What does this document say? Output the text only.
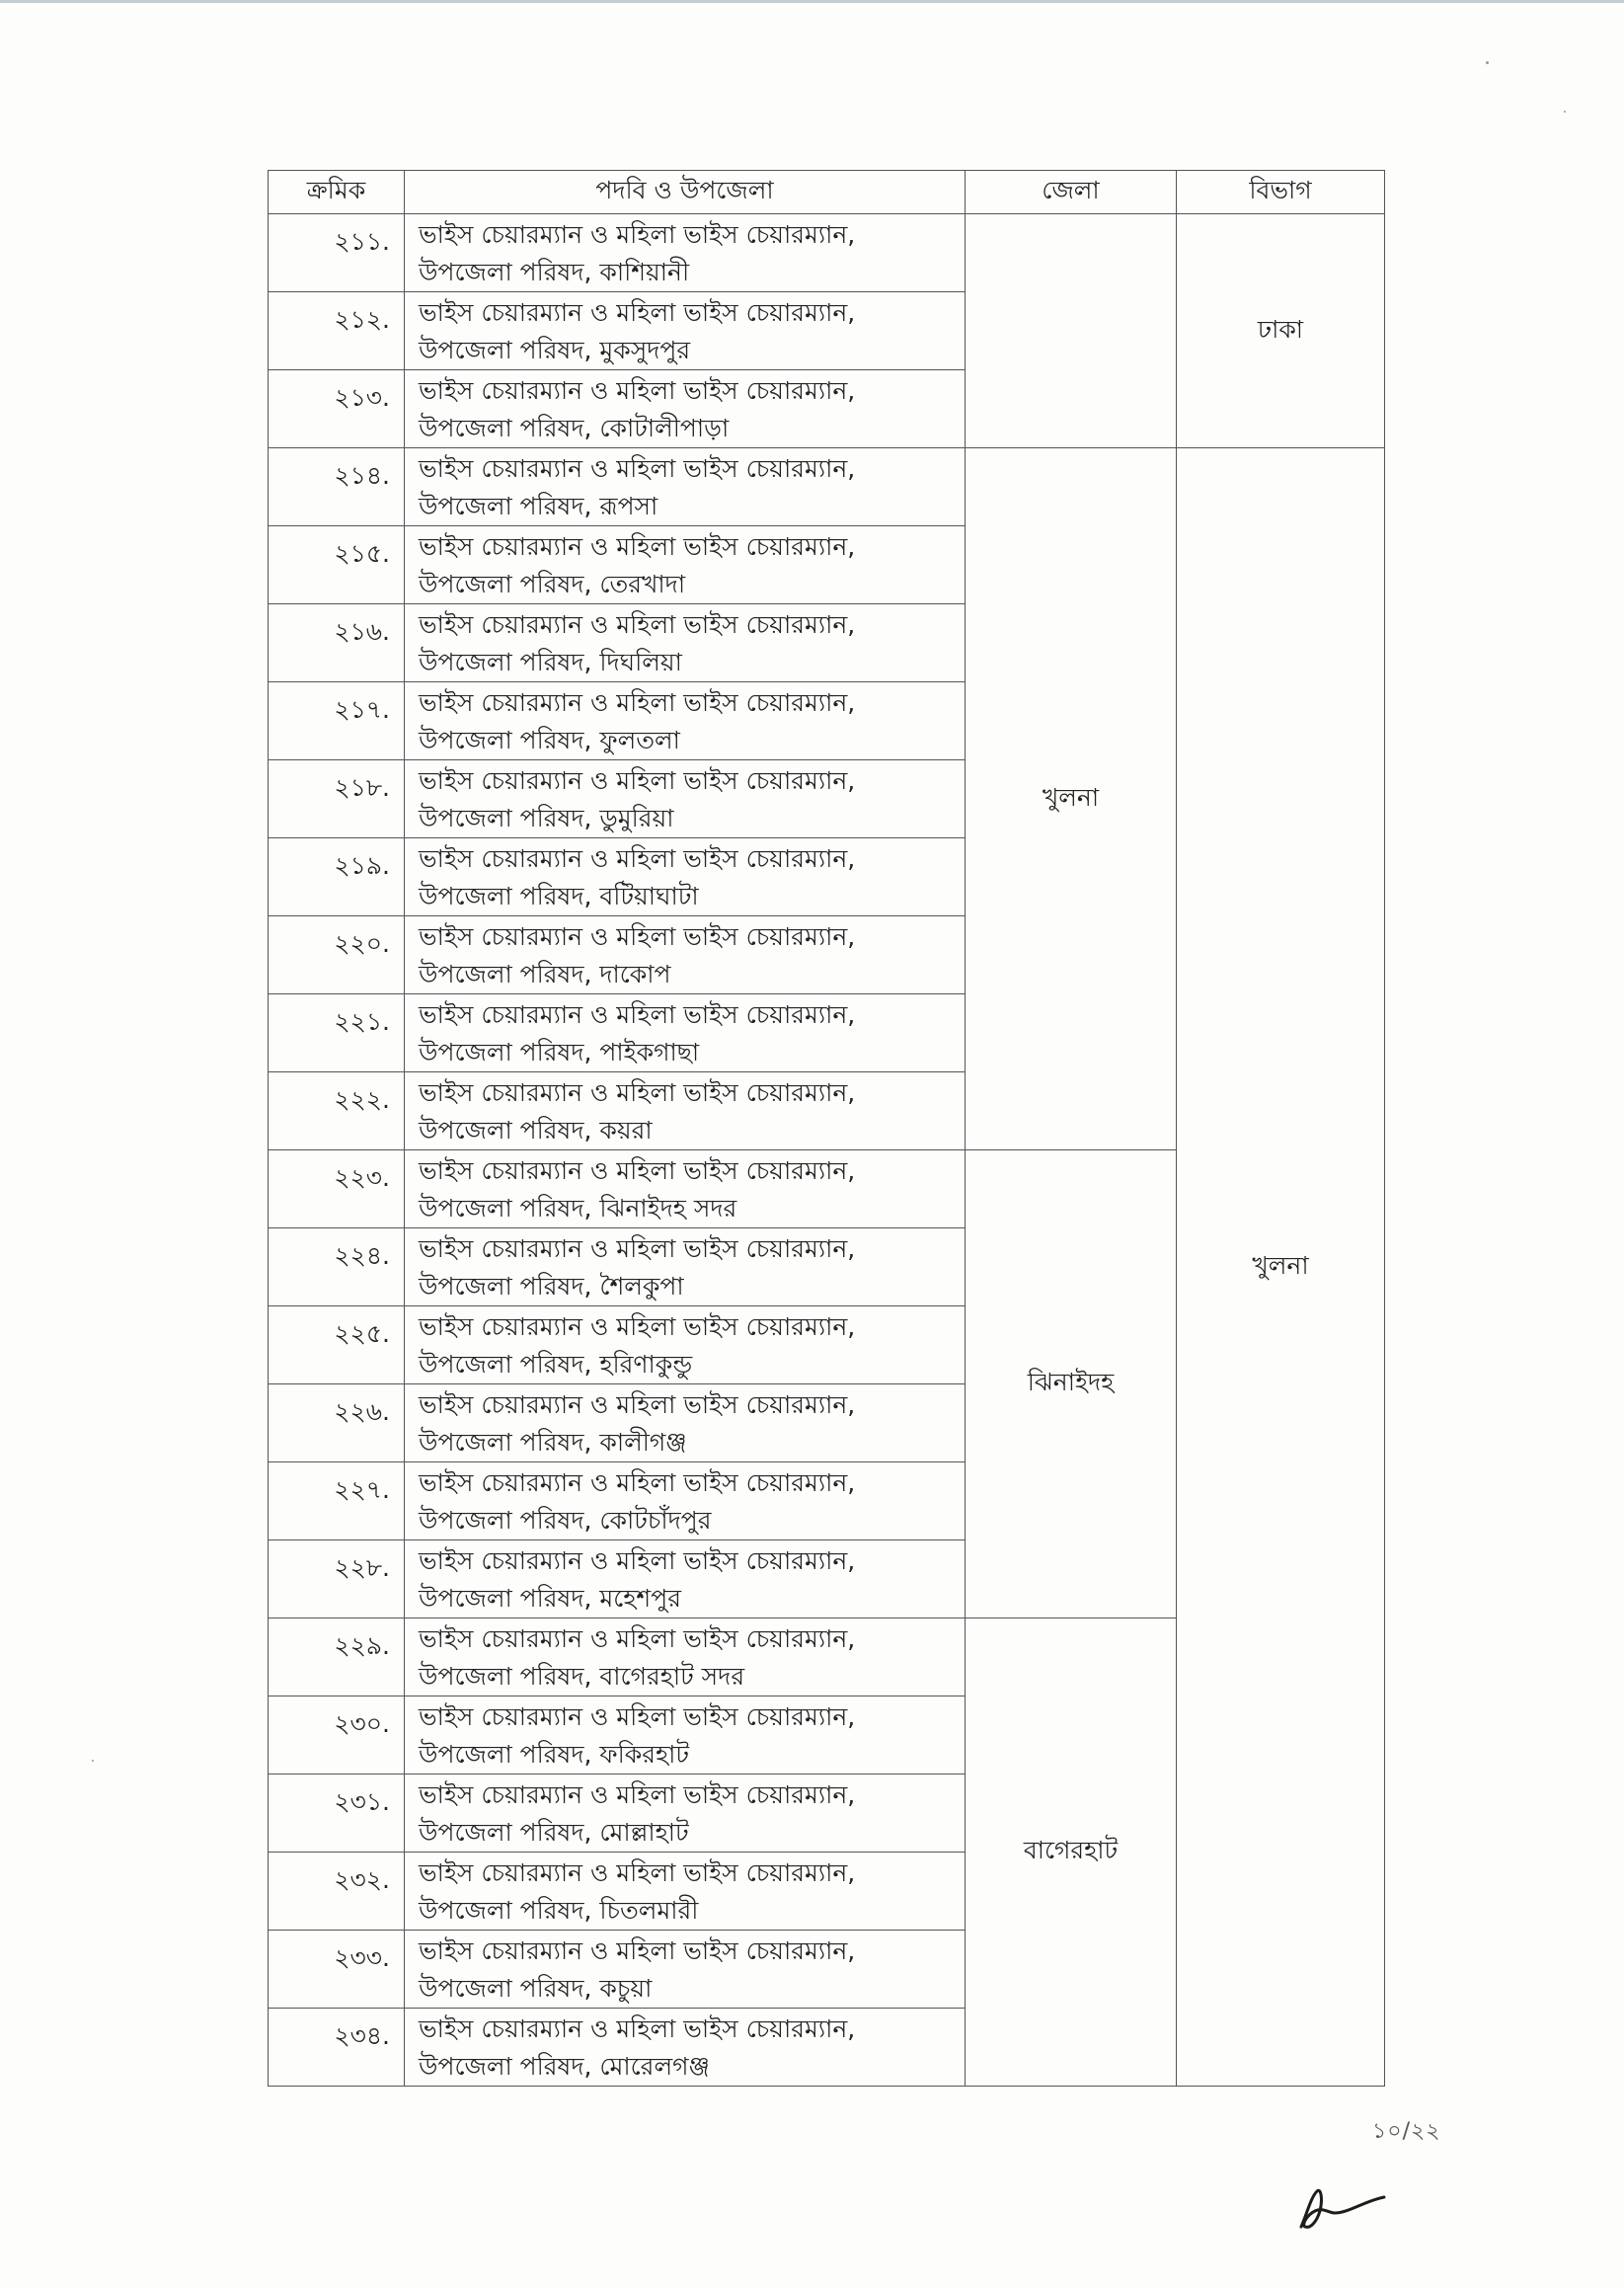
ক্রমিক	পদবি ও উপজেলা	জেলা	বিভাগ
২১১.	ভাইস চেয়ারম্যান ও মহিলা ভাইস চেয়ারম্যান,
উপজেলা পরিষদ, কাশিয়ানী		ঢাকা
২১২.	ভাইস চেয়ারম্যান ও মহিলা ভাইস চেয়ারম্যান,
উপজেলা পরিষদ, মুকসুদপুর		

২১৩.	ভাইস চেয়ারম্যান ও মহিলা ভাইস চেয়ারম্যান,
উপজেলা পরিষদ, কোটালীপাড়া		

২১৪.	ভাইস চেয়ারম্যান ও মহিলা ভাইস চেয়ারম্যান,
উপজেলা পরিষদ, রূপসা	খুলনা	খুলনা
২১৫.	ভাইস চেয়ারম্যান ও মহিলা ভাইস চেয়ারম্যান,
উপজেলা পরিষদ, তেরখাদা		

২১৬.	ভাইস চেয়ারম্যান ও মহিলা ভাইস চেয়ারম্যান,
উপজেলা পরিষদ, দিঘলিয়া		

২১৭.	ভাইস চেয়ারম্যান ও মহিলা ভাইস চেয়ারম্যান,
উপজেলা পরিষদ, ফুলতলা		

২১৮.	ভাইস চেয়ারম্যান ও মহিলা ভাইস চেয়ারম্যান,
উপজেলা পরিষদ, ডুমুরিয়া		

২১৯.	ভাইস চেয়ারম্যান ও মহিলা ভাইস চেয়ারম্যান,
উপজেলা পরিষদ, বটিয়াঘাটা		

২২০.	ভাইস চেয়ারম্যান ও মহিলা ভাইস চেয়ারম্যান,
উপজেলা পরিষদ, দাকোপ		

২২১.	ভাইস চেয়ারম্যান ও মহিলা ভাইস চেয়ারম্যান,
উপজেলা পরিষদ, পাইকগাছা		

২২২.	ভাইস চেয়ারম্যান ও মহিলা ভাইস চেয়ারম্যান,
উপজেলা পরিষদ, কয়রা		

২২৩.	ভাইস চেয়ারম্যান ও মহিলা ভাইস চেয়ারম্যান,
উপজেলা পরিষদ, ঝিনাইদহ সদর	ঝিনাইদহ	
২২৪.	ভাইস চেয়ারম্যান ও মহিলা ভাইস চেয়ারম্যান,
উপজেলা পরিষদ, শৈলকুপা		

২২৫.	ভাইস চেয়ারম্যান ও মহিলা ভাইস চেয়ারম্যান,
উপজেলা পরিষদ, হরিণাকুন্ডু		

২২৬.	ভাইস চেয়ারম্যান ও মহিলা ভাইস চেয়ারম্যান,
উপজেলা পরিষদ, কালীগঞ্জ		

২২৭.	ভাইস চেয়ারম্যান ও মহিলা ভাইস চেয়ারম্যান,
উপজেলা পরিষদ, কোটচাঁদপুর		

২২৮.	ভাইস চেয়ারম্যান ও মহিলা ভাইস চেয়ারম্যান,
উপজেলা পরিষদ, মহেশপুর		

২২৯.	ভাইস চেয়ারম্যান ও মহিলা ভাইস চেয়ারম্যান,
উপজেলা পরিষদ, বাগেরহাট সদর	বাগেরহাট	
২৩০.	ভাইস চেয়ারম্যান ও মহিলা ভাইস চেয়ারম্যান,
উপজেলা পরিষদ, ফকিরহাট		

২৩১.	ভাইস চেয়ারম্যান ও মহিলা ভাইস চেয়ারম্যান,
উপজেলা পরিষদ, মোল্লাহাট		

২৩২.	ভাইস চেয়ারম্যান ও মহিলা ভাইস চেয়ারম্যান,
উপজেলা পরিষদ, চিতলমারী		

২৩৩.	ভাইস চেয়ারম্যান ও মহিলা ভাইস চেয়ারম্যান,
উপজেলা পরিষদ, কচুয়া		

২৩৪.	ভাইস চেয়ারম্যান ও মহিলা ভাইস চেয়ারম্যান,
উপজেলা পরিষদ, মোরেলগঞ্জ		
১০/২২
